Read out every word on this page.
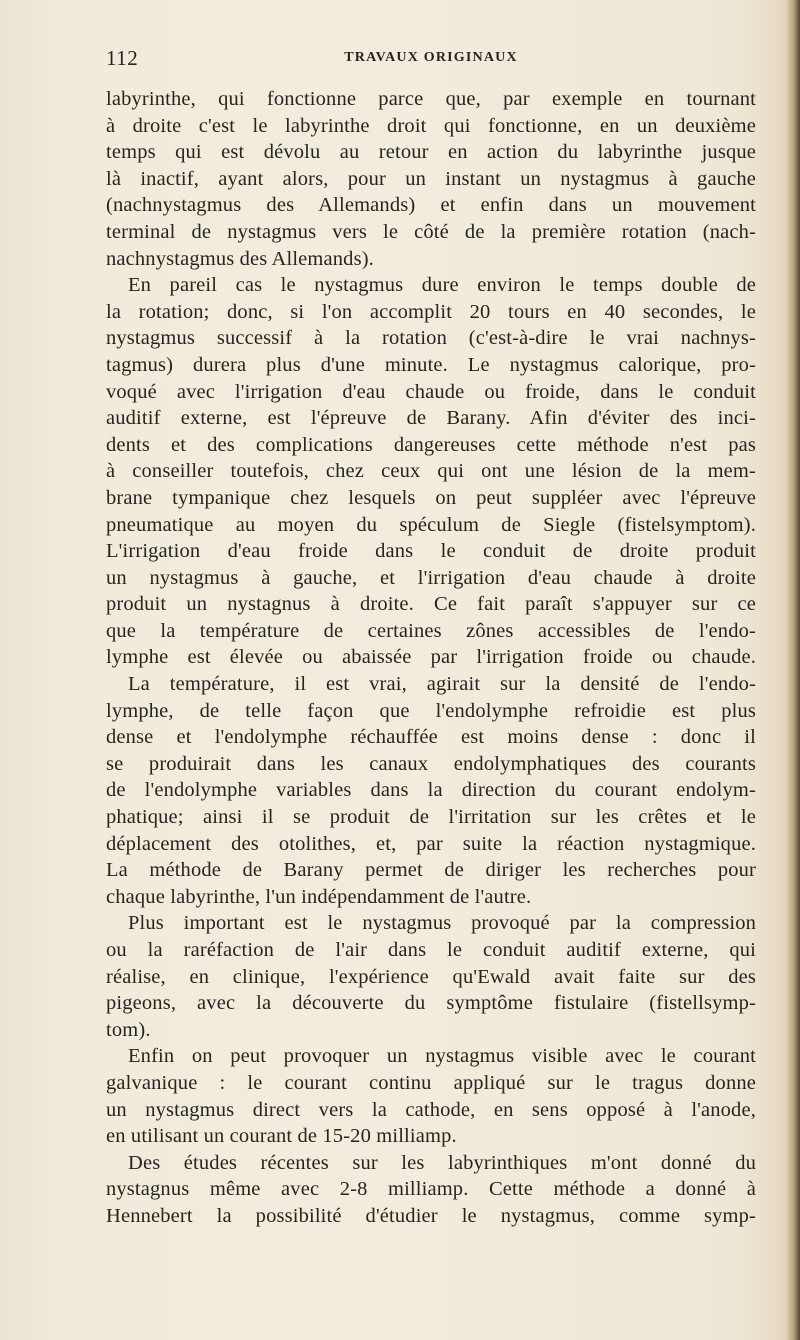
112	TRAVAUX ORIGINAUX
labyrinthe, qui fonctionne parce que, par exemple en tournant
à droite c'est le labyrinthe droit qui fonctionne, en un deuxième
temps qui est dévolu au retour en action du labyrinthe jusque
là inactif, ayant alors, pour un instant un nystagmus à gauche
(nachnystagmus des Allemands) et enfin dans un mouvement
terminal de nystagmus vers le côté de la première rotation (nach-
nachnystagmus des Allemands).
En pareil cas le nystagmus dure environ le temps double de
la rotation; donc, si l'on accomplit 20 tours en 40 secondes, le
nystagmus successif à la rotation (c'est-à-dire le vrai nachnys-
tagmus) durera plus d'une minute. Le nystagmus calorique, pro-
voqué avec l'irrigation d'eau chaude ou froide, dans le conduit
auditif externe, est l'épreuve de Barany. Afin d'éviter des inci-
dents et des complications dangereuses cette méthode n'est pas
à conseiller toutefois, chez ceux qui ont une lésion de la mem-
brane tympanique chez lesquels on peut suppléer avec l'épreuve
pneumatique au moyen du spéculum de Siegle (fistelsymptom).
L'irrigation d'eau froide dans le conduit de droite produit
un nystagmus à gauche, et l'irrigation d'eau chaude à droite
produit un nystagnus à droite. Ce fait paraît s'appuyer sur ce
que la température de certaines zônes accessibles de l'endo-
lymphe est élevée ou abaissée par l'irrigation froide ou chaude.
La température, il est vrai, agirait sur la densité de l'endo-
lymphe, de telle façon que l'endolymphe refroidie est plus
dense et l'endolymphe réchauffée est moins dense : donc il
se produirait dans les canaux endolymphatiques des courants
de l'endolymphe variables dans la direction du courant endolym-
phatique; ainsi il se produit de l'irritation sur les crêtes et le
déplacement des otolithes, et, par suite la réaction nystagmique.
La méthode de Barany permet de diriger les recherches pour
chaque labyrinthe, l'un indépendamment de l'autre.
Plus important est le nystagmus provoqué par la compression
ou la raréfaction de l'air dans le conduit auditif externe, qui
réalise, en clinique, l'expérience qu'Ewald avait faite sur des
pigeons, avec la découverte du symptôme fistulaire (fistellsymp-
tom).
Enfin on peut provoquer un nystagmus visible avec le courant
galvanique : le courant continu appliqué sur le tragus donne
un nystagmus direct vers la cathode, en sens opposé à l'anode,
en utilisant un courant de 15-20 milliamp.
Des études récentes sur les labyrinthiques m'ont donné du
nystagnus même avec 2-8 milliamp. Cette méthode a donné à
Hennebert la possibilité d'étudier le nystagmus, comme symp-
